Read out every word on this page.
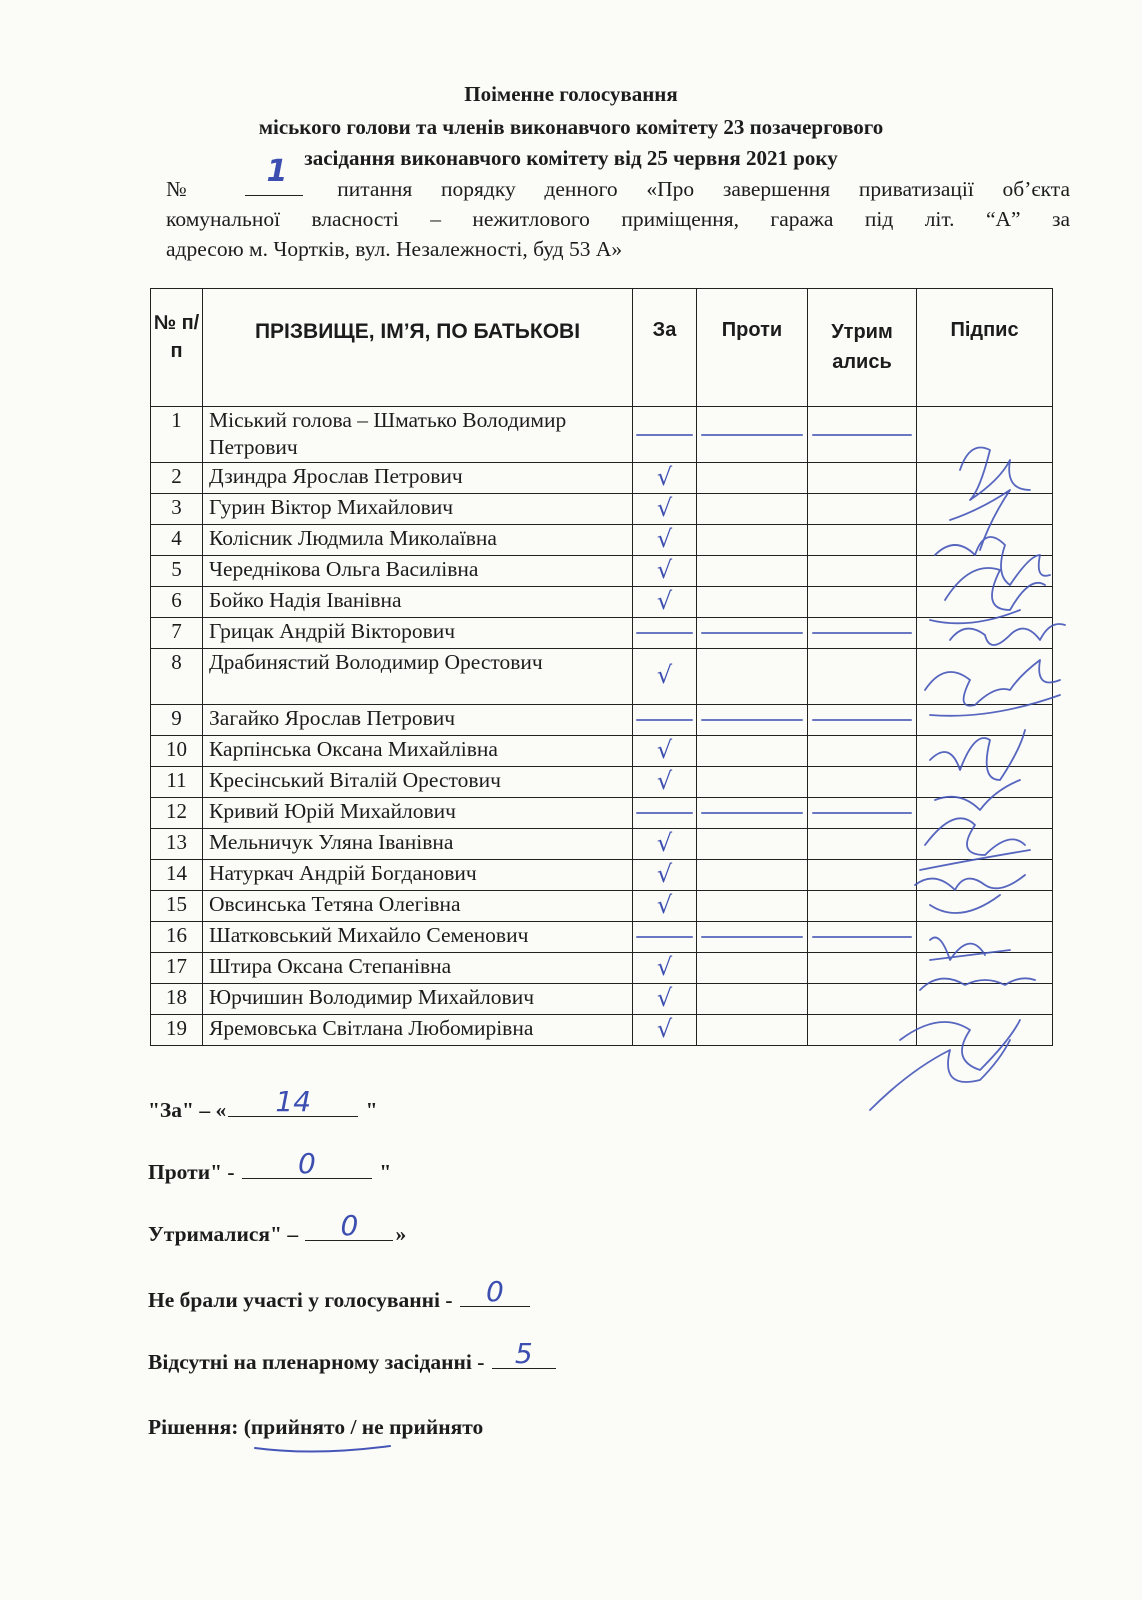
Поіменне голосування
міського голови та членів виконавчого комітету 23 позачергового
засідання виконавчого комітету від 25 червня 2021 року
№ 1 питання порядку денного «Про завершення приватизації об’єкта
комунальної власності – нежитлового приміщення, гаража під літ. “А” за
адресою м. Чортків, вул. Незалежності, буд 53 А»
№ п/п	ПРІЗВИЩЕ, ІМ’Я, ПО БАТЬКОВІ	За	Проти	Утрим ались	Підпис
1	Міський голова – Шматько Володимир Петрович	

2	Дзиндра Ярослав Петрович	√			
3	Гурин Віктор Михайлович	√			
4	Колісник Людмила Миколаївна	√			
5	Череднікова Ольга Василівна	√			
6	Бойко Надія Іванівна	√			
7	Грицак Андрій Вікторович	

8	Драбинястий Володимир Орестович	√			
9	Загайко Ярослав Петрович	

10	Карпінська Оксана Михайлівна	√			
11	Кресінський Віталій Орестович	√			
12	Кривий Юрій Михайлович	

13	Мельничук Уляна Іванівна	√			
14	Натуркач Андрій Богданович	√			
15	Овсинська Тетяна Олегівна	√			
16	Шатковський Михайло Семенович	

17	Штира Оксана Степанівна	√			
18	Юрчишин Володимир Михайлович	√			
19	Яремовська Світлана Любомирівна	√			
"За" – «	14	"
Проти" -	0	"
Утрималися" –	0	»
Не брали участі у голосуванні -	0
Відсутні на пленарному засіданні - 5
Рішення: (прийнято / не прийнято
